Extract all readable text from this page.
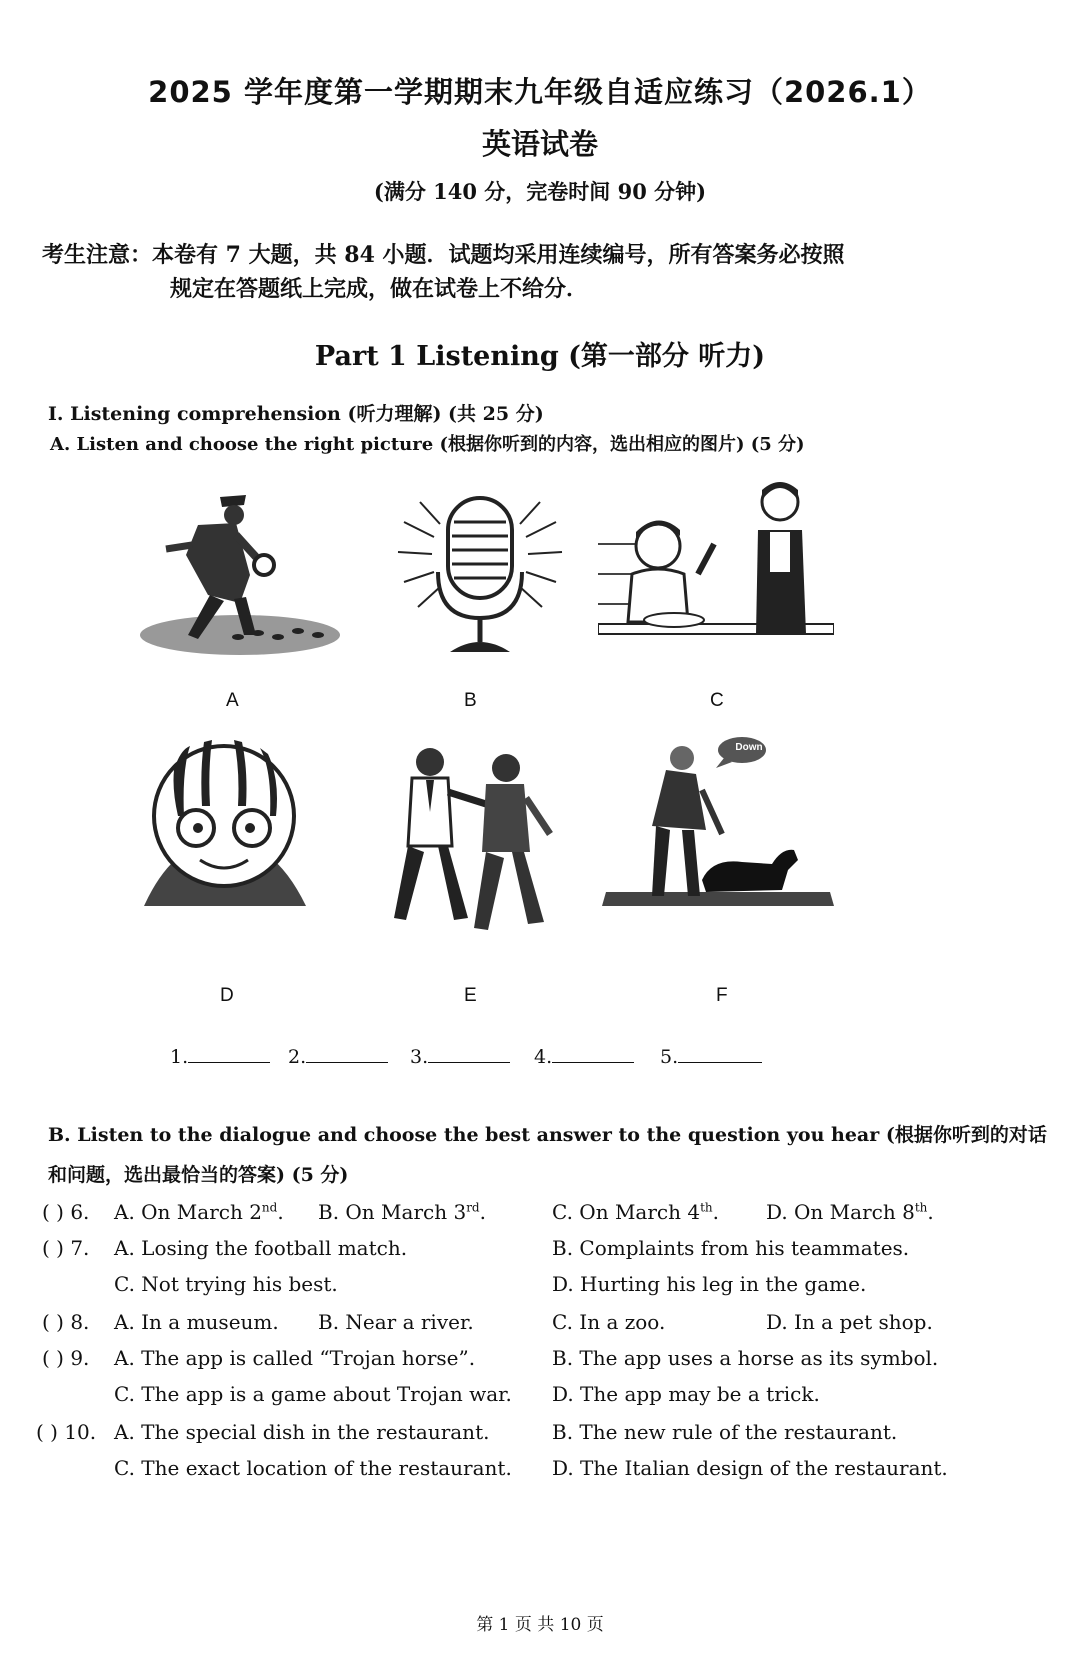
2025 学年度第一学期期末九年级自适应练习（2026.1）
英语试卷
(满分 140 分，完卷时间 90 分钟)
考生注意：本卷有 7 大题，共 84 小题．试题均采用连续编号，所有答案务必按照
规定在答题纸上完成，做在试卷上不给分．
Part 1 Listening (第一部分 听力)
I. Listening comprehension (听力理解) (共 25 分)
A. Listen and choose the right picture (根据你听到的内容，选出相应的图片) (5 分)
A	B	C
D	E	F
Down
1.	2.	3.	4.	5.
B. Listen to the dialogue and choose the best answer to the question you hear (根据你听到的对话
和问题，选出最恰当的答案) (5 分)
( ) 6. A. On March 2nd. B. On March 3rd.	C. On March 4th. D. On March 8th.
( ) 7. A. Losing the football match.	B. Complaints from his teammates.
C. Not trying his best.	D. Hurting his leg in the game.
( ) 8. A. In a museum. B. Near a river.	C. In a zoo.	D. In a pet shop.
( ) 9. A. The app is called “Trojan horse”.	B. The app uses a horse as its symbol.
C. The app is a game about Trojan war. D. The app may be a trick.
( ) 10. A. The special dish in the restaurant.	B. The new rule of the restaurant.
C. The exact location of the restaurant. D. The Italian design of the restaurant.
第 1 页 共 10 页
